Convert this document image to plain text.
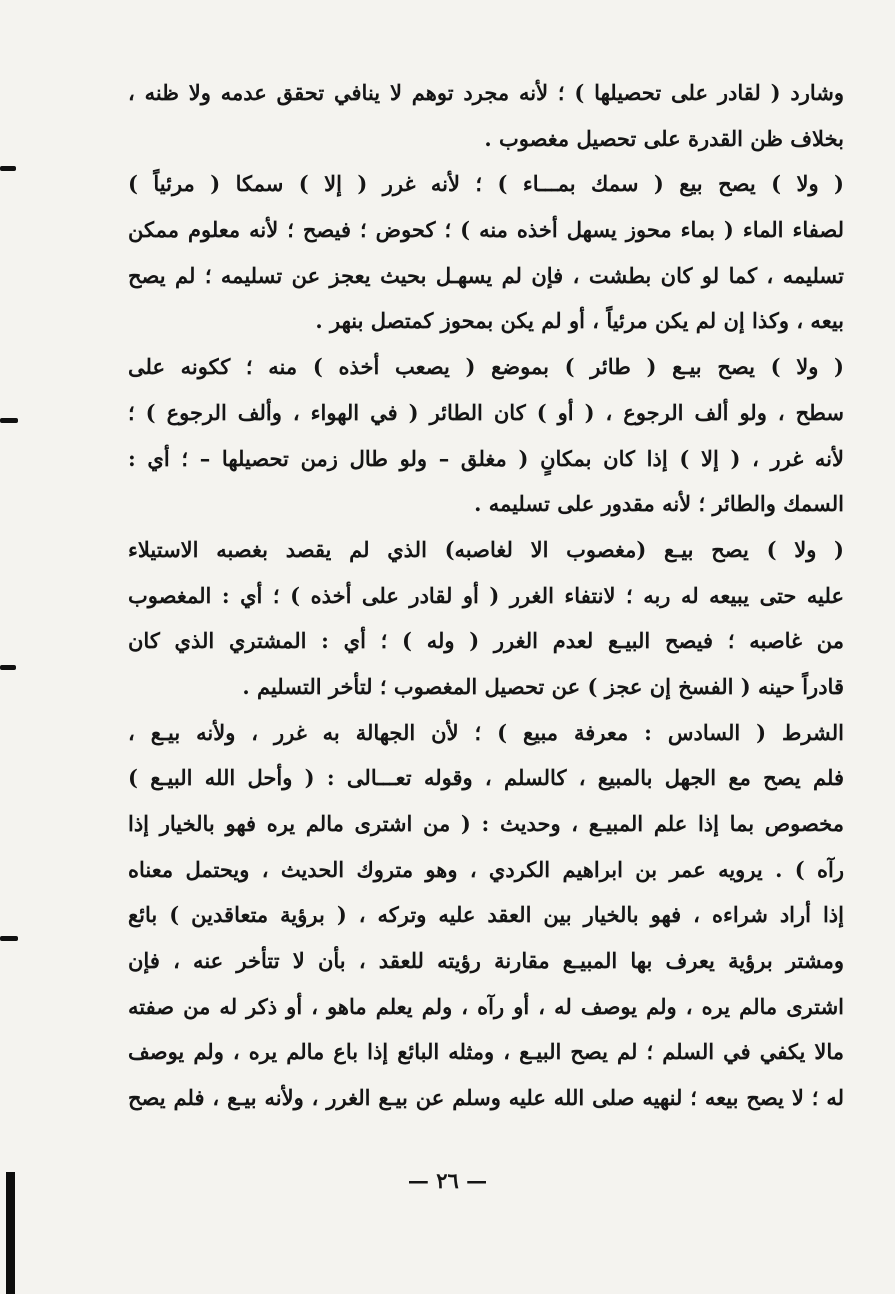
وشارد ( لقادر على تحصيلها ) ؛ لأنه مجرد توهم لا ينافي تحقق عدمه ولا ظنه ،
بخلاف ظن القدرة على تحصيل مغصوب .
( ولا ) يصح بيع ( سمك بمـــاء ) ؛ لأنه غرر ( إلا ) سمكا ( مرئياً )
لصفاء الماء ( بماء محوز يسهل أخذه منه ) ؛ كحوض ؛ فيصح ؛ لأنه معلوم ممكن
تسليمه ، كما لو كان بطشت ، فإن لم يسهـل بحيث يعجز عن تسليمه ؛ لم يصح
بيعه ، وكذا إن لم يكن مرئياً ، أو لم يكن بمحوز كمتصل بنهر .
( ولا ) يصح بيـع ( طائر ) بموضع ( يصعب أخذه ) منه ؛ ككونه على
سطح ، ولو ألف الرجوع ، ( أو ) كان الطائر ( في الهواء ، وألف الرجوع ) ؛
لأنه غرر ، ( إلا ) إذا كان بمكانٍ ( مغلق – ولو طال زمن تحصيلها – ؛ أي :
السمك والطائر ؛ لأنه مقدور على تسليمه .
( ولا ) يصح بيـع (مغصوب الا لغاصبه) الذي لم يقصد بغصبه الاستيلاء
عليه حتى يبيعه له ربه ؛ لانتفاء الغرر ( أو لقادر على أخذه ) ؛ أي : المغصوب
من غاصبه ؛ فيصح البيـع لعدم الغرر ( وله ) ؛ أي : المشتري الذي كان
قادراً حينه ( الفسخ إن عجز ) عن تحصيل المغصوب ؛ لتأخر التسليم .
الشرط ( السادس : معرفة مبيع ) ؛ لأن الجهالة به غرر ، ولأنه بيـع ،
فلم يصح مع الجهل بالمبيع ، كالسلم ، وقوله تعـــالى : ( وأحل الله البيـع )
مخصوص بما إذا علم المبيـع ، وحديث : ( من اشترى مالم يره فهو بالخيار إذا
رآه ) . يرويه عمر بن ابراهيم الكردي ، وهو متروك الحديث ، ويحتمل معناه
إذا أراد شراءه ، فهو بالخيار بين العقد عليه وتركه ، ( برؤية متعاقدين ) بائع
ومشتر برؤية يعرف بها المبيـع مقارنة رؤيته للعقد ، بأن لا تتأخر عنه ، فإن
اشترى مالم يره ، ولم يوصف له ، أو رآه ، ولم يعلم ماهو ، أو ذكر له من صفته
مالا يكفي في السلم ؛ لم يصح البيـع ، ومثله البائع إذا باع مالم يره ، ولم يوصف
له ؛ لا يصح بيعه ؛ لنهيه صلى الله عليه وسلم عن بيـع الغرر ، ولأنه بيـع ، فلم يصح
— ٢٦ —
